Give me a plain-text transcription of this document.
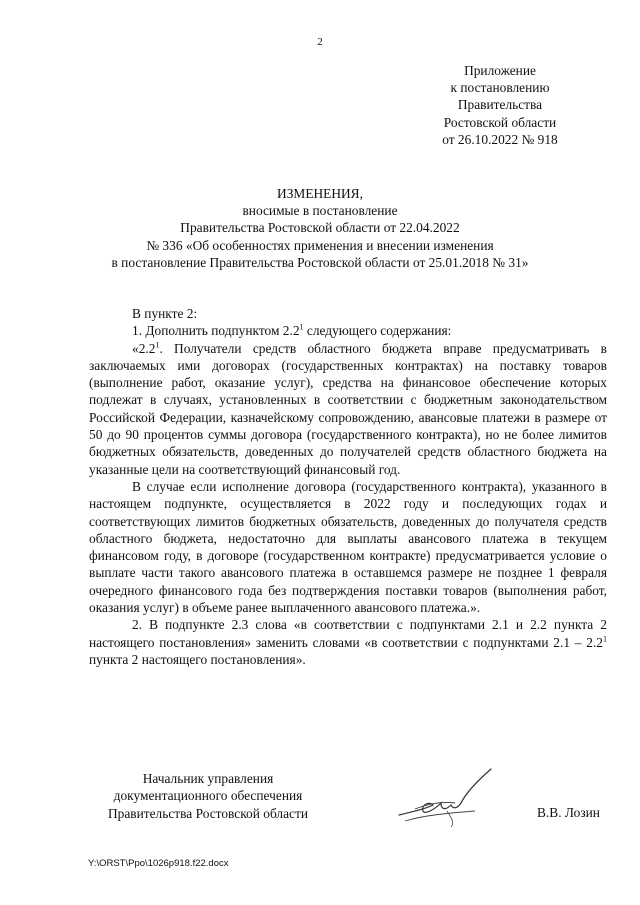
2
Приложение
к постановлению
Правительства
Ростовской области
от 26.10.2022 № 918
ИЗМЕНЕНИЯ,
вносимые в постановление
Правительства Ростовской области от 22.04.2022
№ 336 «Об особенностях применения и внесении изменения
в постановление Правительства Ростовской области от 25.01.2018 № 31»

В пункте 2:

1. Дополнить подпунктом $2.2^1$ следующего содержания:

«$2.2^1$. Получатели средств областного бюджета вправе предусматривать в заключаемых ими договорах (государственных контрактах) на поставку товаров (выполнение работ, оказание услуг), средства на финансовое обеспечение которых подлежат в случаях, установленных в соответствии с бюджетным законодательством Российской Федерации, казначейскому сопровождению, авансовые платежи в размере от 50 до 90 процентов суммы договора (государственного контракта), но не более лимитов бюджетных обязательств, доведенных до получателей средств областного бюджета на указанные цели на соответствующий финансовый год.

В случае если исполнение договора (государственного контракта), указанного в настоящем подпункте, осуществляется в 2022 году и последующих годах и соответствующих лимитов бюджетных обязательств, доведенных до получателя средств областного бюджета, недостаточно для выплаты авансового платежа в текущем финансовом году, в договоре (государственном контракте) предусматривается условие о выплате части такого авансового платежа в оставшемся размере не позднее 1 февраля очередного финансового года без подтверждения поставки товаров (выполнения работ, оказания услуг) в объеме ранее выплаченного авансового платежа.».

2. В подпункте 2.3 слова «в соответствии с подпунктами 2.1 и 2.2 пункта 2 настоящего постановления» заменить словами «в соответствии с подпунктами $2.1 - 2.2^1$ пункта 2 настоящего постановления».

Начальник управления
документационного обеспечения
Правительства Ростовской области	В.В. Лозин
Y:\ORST\Ppo\1026p918.f22.docx
